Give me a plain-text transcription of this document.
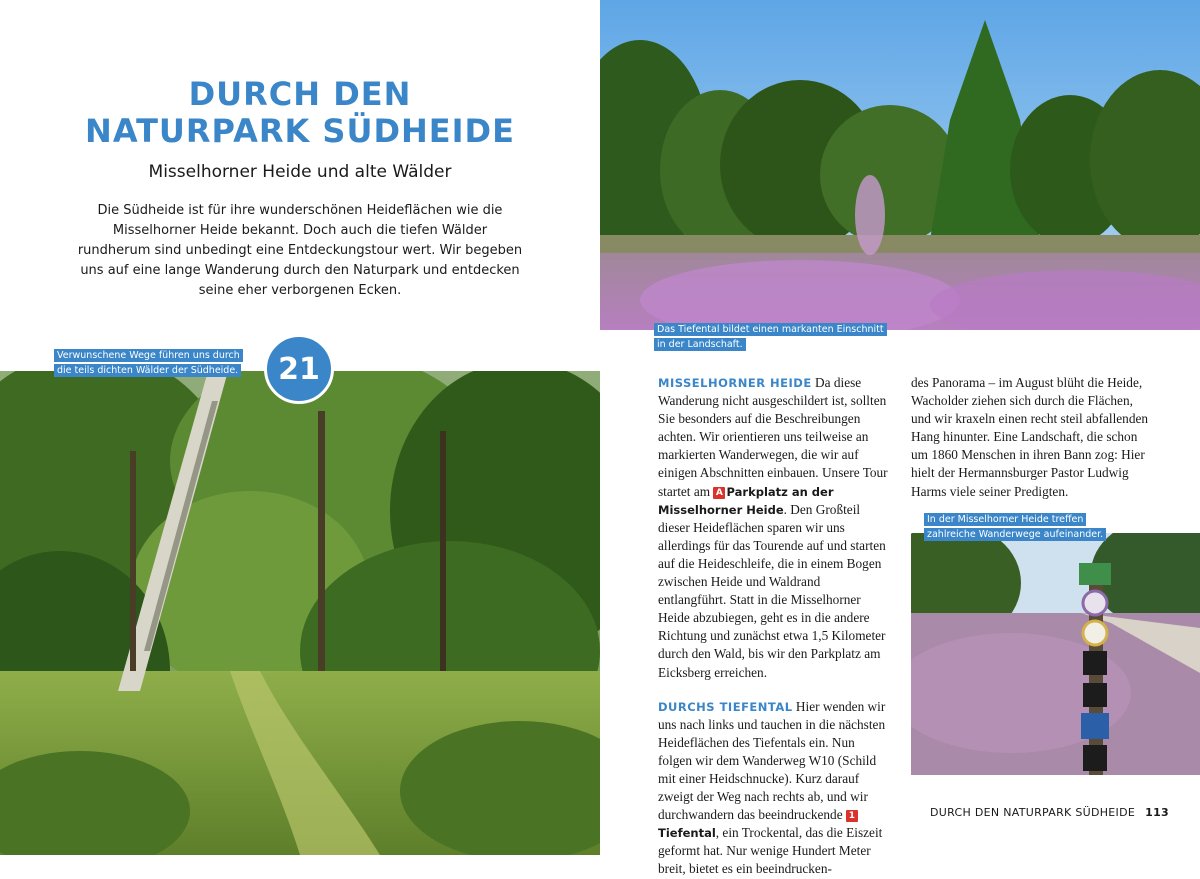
DURCH DEN
NATURPARK SÜDHEIDE
Misselhorner Heide und alte Wälder
Die Südheide ist für ihre wunderschönen Heideflächen wie die Misselhorner Heide bekannt. Doch auch die tiefen Wälder rundherum sind unbedingt eine Entdeckungstour wert. Wir begeben uns auf eine lange Wanderung durch den Naturpark und entdecken seine eher verborgenen Ecken.
Verwunschene Wege führen uns durch
die teils dichten Wälder der Südheide.	21
Das Tiefental bildet einen markanten Einschnitt
in der Landschaft.

MISSELHORNER HEIDE Da diese Wanderung nicht ausgeschildert ist, sollten Sie besonders auf die Beschreibungen achten. Wir orientieren uns teilweise an markierten Wanderwegen, die wir auf einigen Abschnitten einbauen. Unsere Tour startet am A  Parkplatz an der Misselhorner Heide. Den Großteil dieser Heideflächen sparen wir uns allerdings für das Tourende auf und starten auf die Heideschleife, die in einem Bogen zwischen Heide und Waldrand entlangführt. Statt in die Misselhorner Heide abzubiegen, geht es in die andere Richtung und zunächst etwa 1,5 Kilometer durch den Wald, bis wir den Parkplatz am Eicksberg erreichen.

DURCHS TIEFENTAL Hier wenden wir uns nach links und tauchen in die nächsten Heideflächen des Tiefentals ein. Nun folgen wir dem Wanderweg W10 (Schild mit einer Heidschnucke). Kurz darauf zweigt der Weg nach rechts ab, und wir durchwandern das beeindruckende 1 Tiefental, ein Trockental, das die Eiszeit geformt hat. Nur wenige Hundert Meter breit, bietet es ein beeindrucken-

des Panorama – im August blüht die Heide, Wacholder ziehen sich durch die Flächen, und wir kraxeln einen recht steil abfallenden Hang hinunter. Eine Landschaft, die schon um 1860 Menschen in ihren Bann zog: Hier hielt der Hermannsburger Pastor Ludwig Harms viele seiner Predigten.

In der Misselhorner Heide treffen
zahlreiche Wanderwege aufeinander.
DURCH DEN NATURPARK SÜDHEIDE 113
